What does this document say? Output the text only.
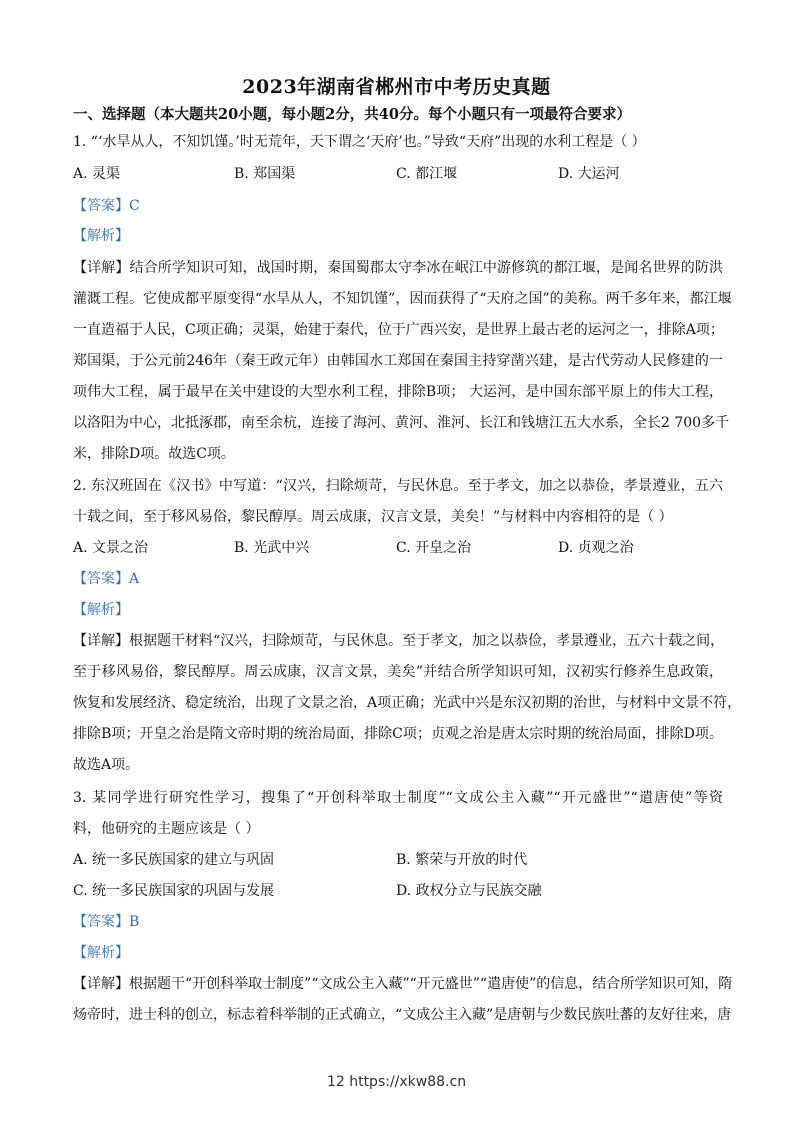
2023年湖南省郴州市中考历史真题
一、选择题（本大题共20小题，每小题2分，共40分。每个小题只有一项最符合要求）
1. “‘水旱从人，不知饥馑。’时无荒年，天下谓之‘天府’也。”导致“天府”出现的水利工程是（ ）
A. 灵渠	B. 郑国渠	C. 都江堰	D. 大运河
【答案】C
【解析】
【详解】结合所学知识可知，战国时期，秦国蜀郡太守李冰在岷江中游修筑的都江堰，是闻名世界的防洪
灌溉工程。它使成都平原变得“水旱从人，不知饥馑”，因而获得了“天府之国”的美称。两千多年来，都江堰
一直造福于人民，C项正确；灵渠，始建于秦代，位于广西兴安，是世界上最古老的运河之一，排除A项；
郑国渠，于公元前246年（秦王政元年）由韩国水工郑国在秦国主持穿凿兴建，是古代劳动人民修建的一
项伟大工程，属于最早在关中建设的大型水利工程，排除B项； 大运河，是中国东部平原上的伟大工程，
以洛阳为中心，北抵涿郡，南至余杭，连接了海河、黄河、淮河、长江和钱塘江五大水系，全长2 700多千
米，排除D项。故选C项。
2. 东汉班固在《汉书》中写道：“汉兴，扫除烦苛，与民休息。至于孝文，加之以恭俭，孝景遵业，五六
十载之间，至于移风易俗，黎民醇厚。周云成康，汉言文景，美矣！”与材料中内容相符的是（ ）
A. 文景之治	B. 光武中兴	C. 开皇之治	D. 贞观之治
【答案】A
【解析】
【详解】根据题干材料“汉兴，扫除烦苛，与民休息。至于孝文，加之以恭俭，孝景遵业，五六十载之间，
至于移风易俗，黎民醇厚。周云成康，汉言文景，美矣”并结合所学知识可知，汉初实行修养生息政策，
恢复和发展经济、稳定统治，出现了文景之治，A项正确；光武中兴是东汉初期的治世，与材料中文景不符，
排除B项；开皇之治是隋文帝时期的统治局面，排除C项；贞观之治是唐太宗时期的统治局面，排除D项。
故选A项。
3. 某同学进行研究性学习，搜集了“开创科举取士制度”“文成公主入藏”“开元盛世”“遣唐使”等资
料，他研究的主题应该是（ ）
A. 统一多民族国家的建立与巩固	B. 繁荣与开放的时代
C. 统一多民族国家的巩固与发展	D. 政权分立与民族交融
【答案】B
【解析】
【详解】根据题干“开创科举取士制度”“文成公主入藏”“开元盛世”“遣唐使”的信息，结合所学知识可知，隋
炀帝时，进士科的创立，标志着科举制的正式确立，“文成公主入藏”是唐朝与少数民族吐蕃的友好往来，唐
12 https://xkw88.cn
